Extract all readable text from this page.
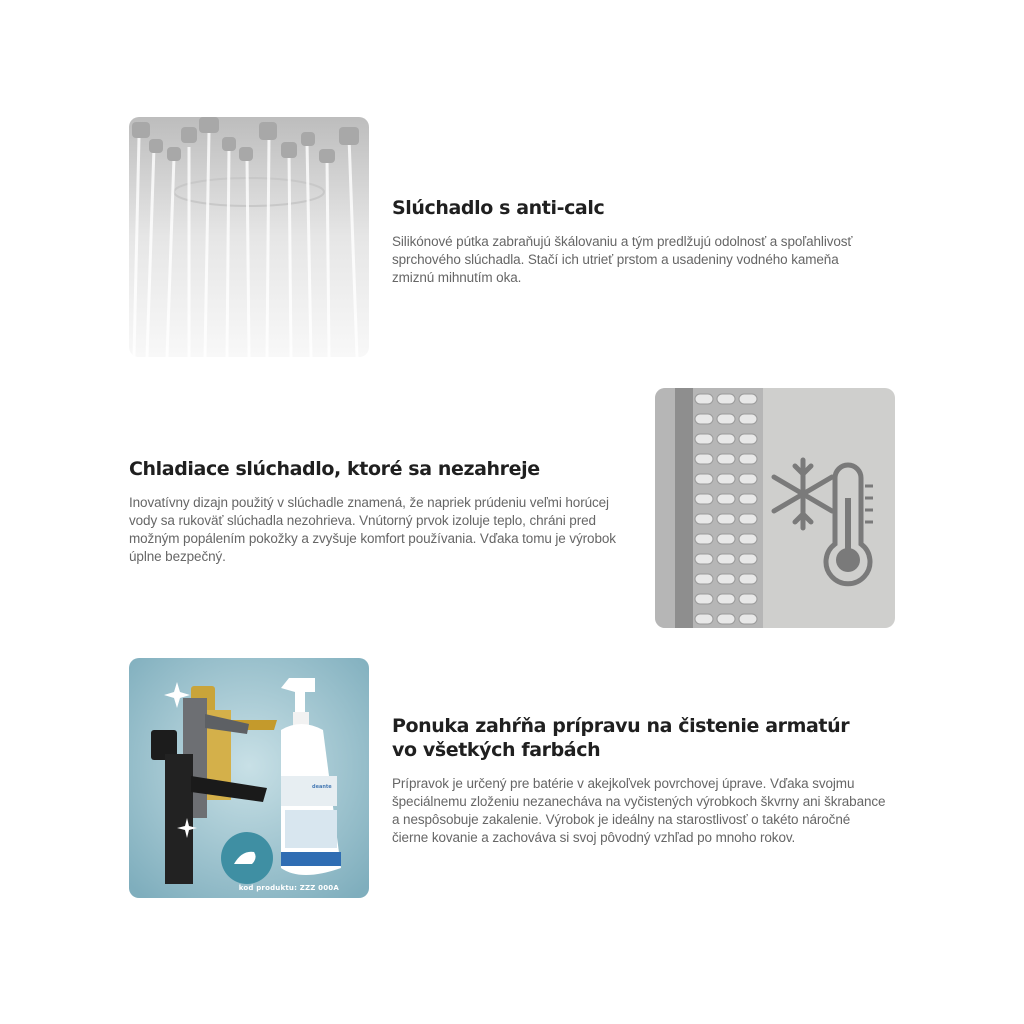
Slúchadlo s anti-calc

Silikónové pútka zabraňujú škálovaniu a tým predlžujú odolnosť a spoľahlivosť sprchového slúchadla. Stačí ich utrieť prstom a usadeniny vodného kameňa zmiznú mihnutím oka.

Chladiace slúchadlo, ktoré sa nezahreje

Inovatívny dizajn použitý v slúchadle znamená, že napriek prúdeniu veľmi horúcej vody sa rukoväť slúchadla nezohrieva. Vnútorný prvok izoluje teplo, chráni pred možným popálením pokožky a zvyšuje komfort používania. Vďaka tomu je výrobok úplne bezpečný.

kod produktu: ZZZ 000A
Ponuka zahŕňa prípravu na čistenie armatúr vo všetkých farbách

Prípravok je určený pre batérie v akejkoľvek povrchovej úprave. Vďaka svojmu špeciálnemu zloženiu nezanecháva na vyčistených výrobkoch škvrny ani škrabance a nespôsobuje zakalenie. Výrobok je ideálny na starostlivosť o takéto náročné čierne kovanie a zachováva si svoj pôvodný vzhľad po mnoho rokov.

deante
